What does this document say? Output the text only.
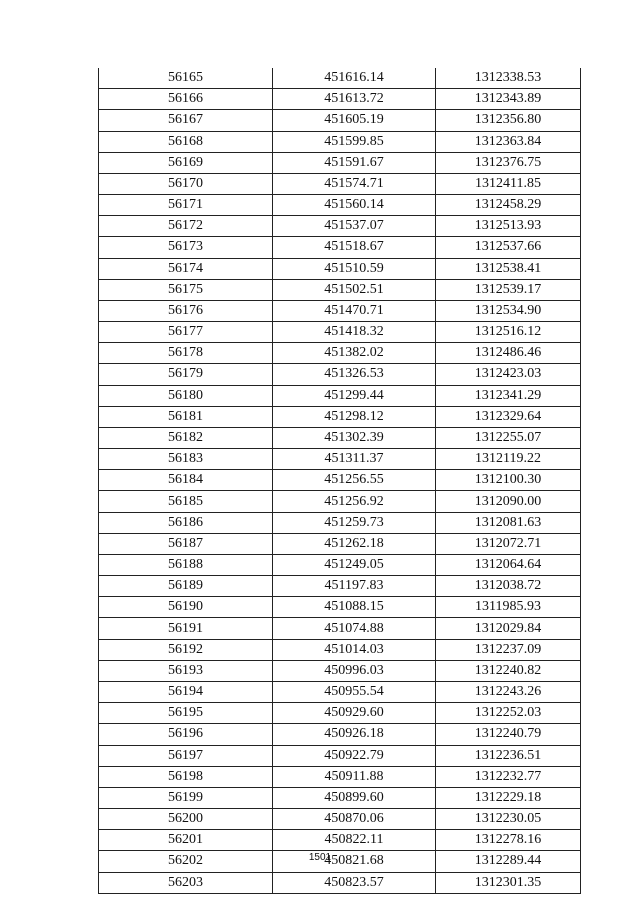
56165	451616.14	1312338.53
56166	451613.72	1312343.89
56167	451605.19	1312356.80
56168	451599.85	1312363.84
56169	451591.67	1312376.75
56170	451574.71	1312411.85
56171	451560.14	1312458.29
56172	451537.07	1312513.93
56173	451518.67	1312537.66
56174	451510.59	1312538.41
56175	451502.51	1312539.17
56176	451470.71	1312534.90
56177	451418.32	1312516.12
56178	451382.02	1312486.46
56179	451326.53	1312423.03
56180	451299.44	1312341.29
56181	451298.12	1312329.64
56182	451302.39	1312255.07
56183	451311.37	1312119.22
56184	451256.55	1312100.30
56185	451256.92	1312090.00
56186	451259.73	1312081.63
56187	451262.18	1312072.71
56188	451249.05	1312064.64
56189	451197.83	1312038.72
56190	451088.15	1311985.93
56191	451074.88	1312029.84
56192	451014.03	1312237.09
56193	450996.03	1312240.82
56194	450955.54	1312243.26
56195	450929.60	1312252.03
56196	450926.18	1312240.79
56197	450922.79	1312236.51
56198	450911.88	1312232.77
56199	450899.60	1312229.18
56200	450870.06	1312230.05
56201	450822.11	1312278.16
56202	450821.68	1312289.44
56203	450823.57	1312301.35
1501
